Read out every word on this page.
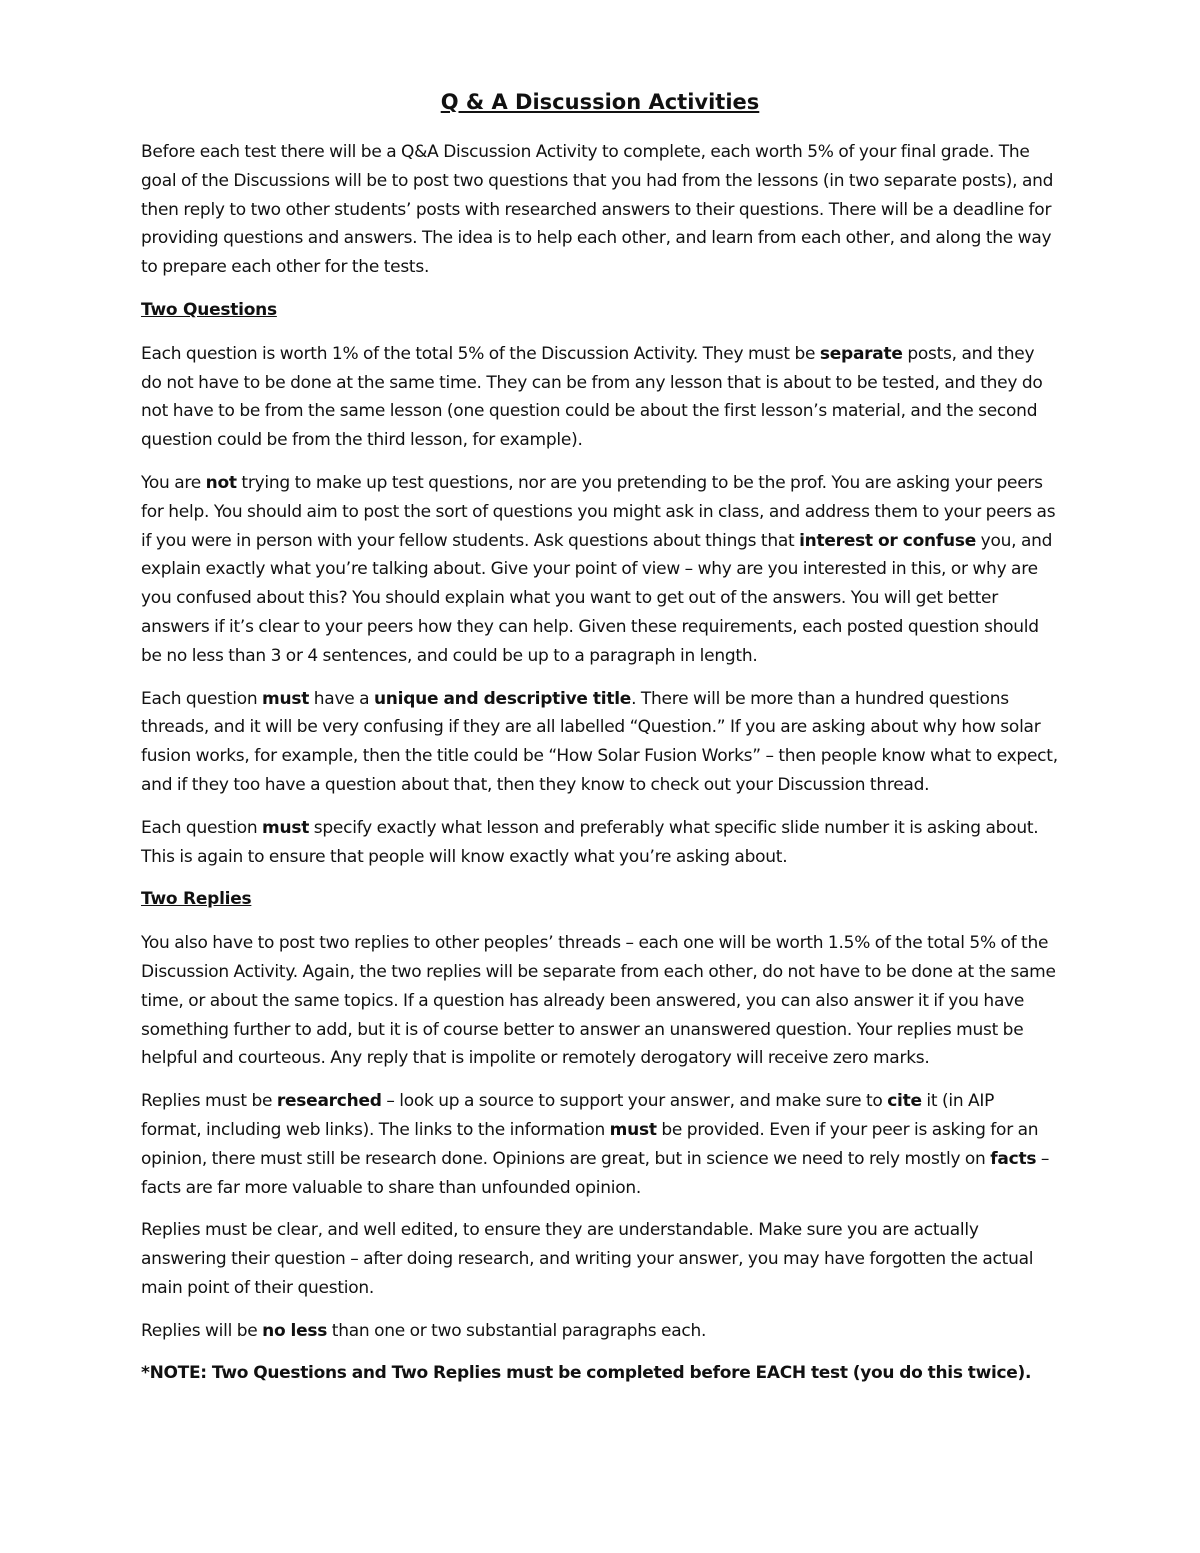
Q & A Discussion Activities

Before each test there will be a Q&A Discussion Activity to complete, each worth 5% of your final grade. The goal of the Discussions will be to post two questions that you had from the lessons (in two separate posts), and then reply to two other students’ posts with researched answers to their questions. There will be a deadline for providing questions and answers. The idea is to help each other, and learn from each other, and along the way to prepare each other for the tests.

Two Questions

Each question is worth 1% of the total 5% of the Discussion Activity. They must be separate posts, and they do not have to be done at the same time. They can be from any lesson that is about to be tested, and they do not have to be from the same lesson (one question could be about the first lesson’s material, and the second question could be from the third lesson, for example).

You are not trying to make up test questions, nor are you pretending to be the prof. You are asking your peers for help. You should aim to post the sort of questions you might ask in class, and address them to your peers as if you were in person with your fellow students. Ask questions about things that interest or confuse you, and explain exactly what you’re talking about. Give your point of view – why are you interested in this, or why are you confused about this? You should explain what you want to get out of the answers. You will get better answers if it’s clear to your peers how they can help. Given these requirements, each posted question should be no less than 3 or 4 sentences, and could be up to a paragraph in length.

Each question must have a unique and descriptive title. There will be more than a hundred questions threads, and it will be very confusing if they are all labelled “Question.” If you are asking about why how solar fusion works, for example, then the title could be “How Solar Fusion Works” – then people know what to expect, and if they too have a question about that, then they know to check out your Discussion thread.

Each question must specify exactly what lesson and preferably what specific slide number it is asking about. This is again to ensure that people will know exactly what you’re asking about.

Two Replies

You also have to post two replies to other peoples’ threads – each one will be worth 1.5% of the total 5% of the Discussion Activity. Again, the two replies will be separate from each other, do not have to be done at the same time, or about the same topics. If a question has already been answered, you can also answer it if you have something further to add, but it is of course better to answer an unanswered question. Your replies must be helpful and courteous. Any reply that is impolite or remotely derogatory will receive zero marks.

Replies must be researched – look up a source to support your answer, and make sure to cite it (in AIP format, including web links). The links to the information must be provided. Even if your peer is asking for an opinion, there must still be research done. Opinions are great, but in science we need to rely mostly on facts – facts are far more valuable to share than unfounded opinion.

Replies must be clear, and well edited, to ensure they are understandable. Make sure you are actually answering their question – after doing research, and writing your answer, you may have forgotten the actual main point of their question.

Replies will be no less than one or two substantial paragraphs each.

*NOTE: Two Questions and Two Replies must be completed before EACH test (you do this twice).
